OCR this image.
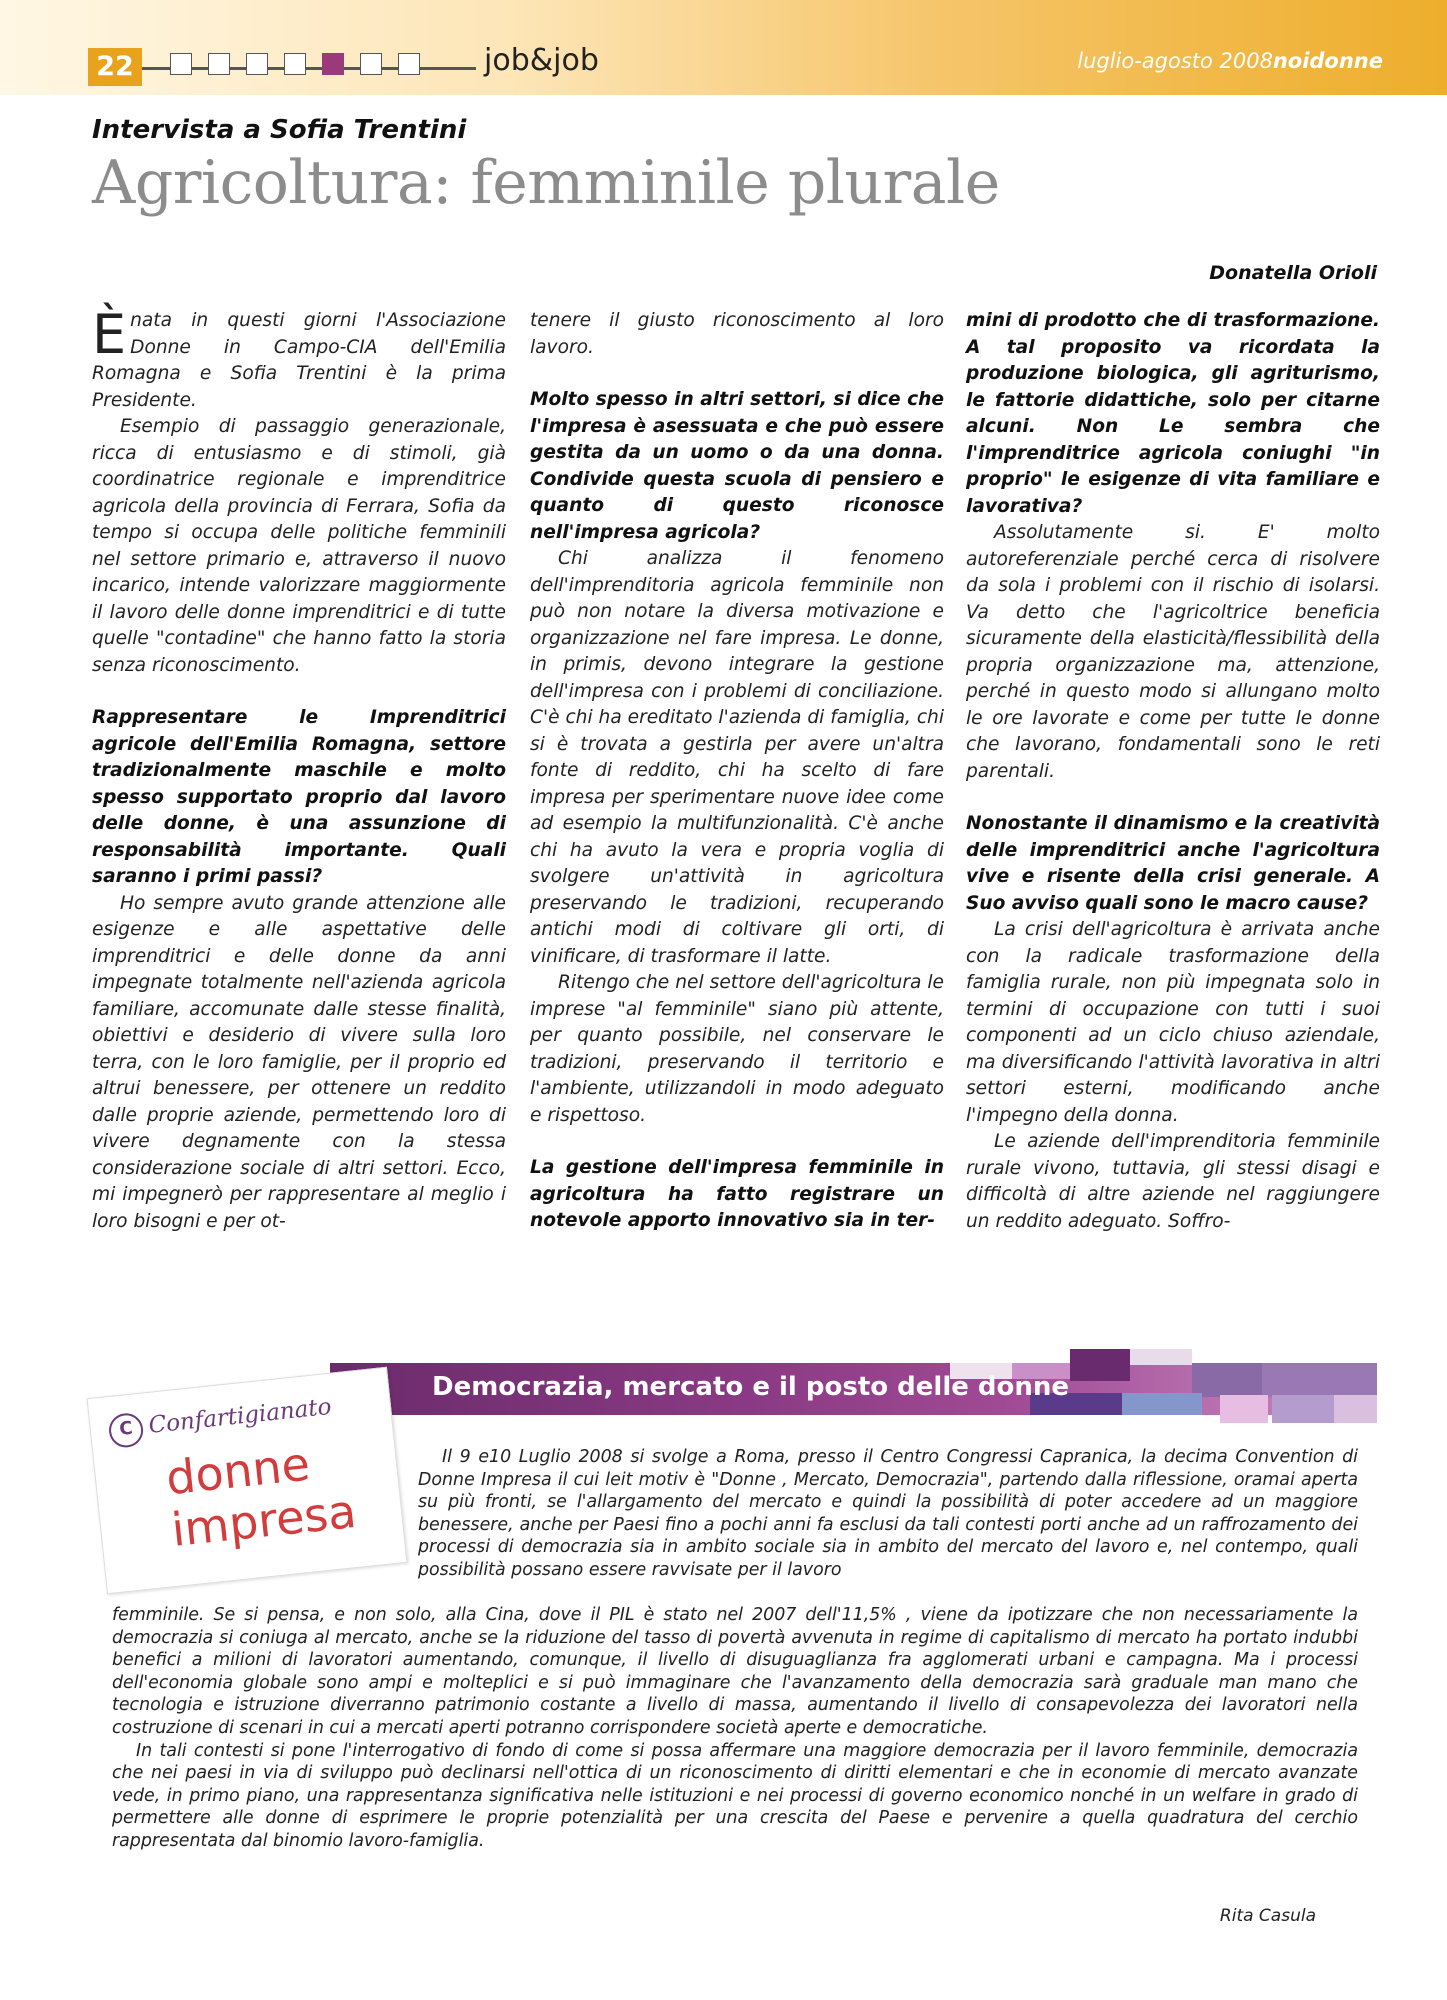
22	job&job	luglio-agosto 2008 noidonne
Intervista a Sofia Trentini
Agricoltura: femminile plurale
Donatella Orioli

Ènata in questi giorni l'Associazione Donne in Campo-CIA dell'Emilia Romagna e Sofia Trentini è la prima Presidente.

Esempio di passaggio generazionale, ricca di entusiasmo e di stimoli, già coordinatrice regionale e imprenditrice agricola della provincia di Ferrara, Sofia da tempo si occupa delle politiche femminili nel settore primario e, attraverso il nuovo incarico, intende valorizzare maggiormente il lavoro delle donne imprenditrici e di tutte quelle "contadine" che hanno fatto la storia senza riconoscimento.

Rappresentare le Imprenditrici agricole dell'Emilia Romagna, settore tradizionalmente maschile e molto spesso supportato proprio dal lavoro delle donne, è una assunzione di responsabilità importante. Quali saranno i primi passi?

Ho sempre avuto grande attenzione alle esigenze e alle aspettative delle imprenditrici e delle donne da anni impegnate totalmente nell'azienda agricola familiare, accomunate dalle stesse finalità, obiettivi e desiderio di vivere sulla loro terra, con le loro famiglie, per il proprio ed altrui benessere, per ottenere un reddito dalle proprie aziende, permettendo loro di vivere degnamente con la stessa considerazione sociale di altri settori. Ecco, mi impegnerò per rappresentare al meglio i loro bisogni e per ot-

tenere il giusto riconoscimento al loro lavoro.

Molto spesso in altri settori, si dice che l'impresa è asessuata e che può essere gestita da un uomo o da una donna. Condivide questa scuola di pensiero e quanto di questo riconosce nell'impresa agricola?

Chi analizza il fenomeno dell'imprenditoria agricola femminile non può non notare la diversa motivazione e organizzazione nel fare impresa. Le donne, in primis, devono integrare la gestione dell'impresa con i problemi di conciliazione. C'è chi ha ereditato l'azienda di famiglia, chi si è trovata a gestirla per avere un'altra fonte di reddito, chi ha scelto di fare impresa per sperimentare nuove idee come ad esempio la multifunzionalità. C'è anche chi ha avuto la vera e propria voglia di svolgere un'attività in agricoltura preservando le tradizioni, recuperando antichi modi di coltivare gli orti, di vinificare, di trasformare il latte.

Ritengo che nel settore dell'agricoltura le imprese "al femminile" siano più attente, per quanto possibile, nel conservare le tradizioni, preservando il territorio e l'ambiente, utilizzandoli in modo adeguato e rispettoso.

La gestione dell'impresa femminile in agricoltura ha fatto registrare un notevole apporto innovativo sia in ter-

mini di prodotto che di trasformazione. A tal proposito va ricordata la produzione biologica, gli agriturismo, le fattorie didattiche, solo per citarne alcuni. Non Le sembra che l'imprenditrice agricola coniughi "in proprio" le esigenze di vita familiare e lavorativa?

Assolutamente si. E' molto autoreferenziale perché cerca di risolvere da sola i problemi con il rischio di isolarsi. Va detto che l'agricoltrice beneficia sicuramente della elasticità/flessibilità della propria organizzazione ma, attenzione, perché in questo modo si allungano molto le ore lavorate e come per tutte le donne che lavorano, fondamentali sono le reti parentali.

Nonostante il dinamismo e la creatività delle imprenditrici anche l'agricoltura vive e risente della crisi generale. A Suo avviso quali sono le macro cause?

La crisi dell'agricoltura è arrivata anche con la radicale trasformazione della famiglia rurale, non più impegnata solo in termini di occupazione con tutti i suoi componenti ad un ciclo chiuso aziendale, ma diversificando l'attività lavorativa in altri settori esterni, modificando anche l'impegno della donna.

Le aziende dell'imprenditoria femminile rurale vivono, tuttavia, gli stessi disagi e difficoltà di altre aziende nel raggiungere un reddito adeguato. Soffro-

Democrazia, mercato e il posto delle donne
C Confartigianato
donne
impresa
Il 9 e10 Luglio 2008 si svolge a Roma, presso il Centro Congressi Capranica, la decima Convention di Donne Impresa il cui leit motiv è "Donne , Mercato, Democrazia", partendo dalla riflessione, oramai aperta su più fronti, se l'allargamento del mercato e quindi la possibilità di poter accedere ad un maggiore benessere, anche per Paesi fino a pochi anni fa esclusi da tali contesti porti anche ad un raffrozamento dei processi di democrazia sia in ambito sociale sia in ambito del mercato del lavoro e, nel contempo, quali possibilità possano essere ravvisate per il lavoro

femminile. Se si pensa, e non solo, alla Cina, dove il PIL è stato nel 2007 dell'11,5% , viene da ipotizzare che non necessariamente la democrazia si coniuga al mercato, anche se la riduzione del tasso di povertà avvenuta in regime di capitalismo di mercato ha portato indubbi benefici a milioni di lavoratori aumentando, comunque, il livello di disuguaglianza fra agglomerati urbani e campagna. Ma i processi dell'economia globale sono ampi e molteplici e si può immaginare che l'avanzamento della democrazia sarà graduale man mano che tecnologia e istruzione diverranno patrimonio costante a livello di massa, aumentando il livello di consapevolezza dei lavoratori nella costruzione di scenari in cui a mercati aperti potranno corrispondere società aperte e democratiche.

In tali contesti si pone l'interrogativo di fondo di come si possa affermare una maggiore democrazia per il lavoro femminile, democrazia che nei paesi in via di sviluppo può declinarsi nell'ottica di un riconoscimento di diritti elementari e che in economie di mercato avanzate vede, in primo piano, una rappresentanza significativa nelle istituzioni e nei processi di governo economico nonché in un welfare in grado di permettere alle donne di esprimere le proprie potenzialità per una crescita del Paese e pervenire a quella quadratura del cerchio rappresentata dal binomio lavoro-famiglia.

Rita Casula
